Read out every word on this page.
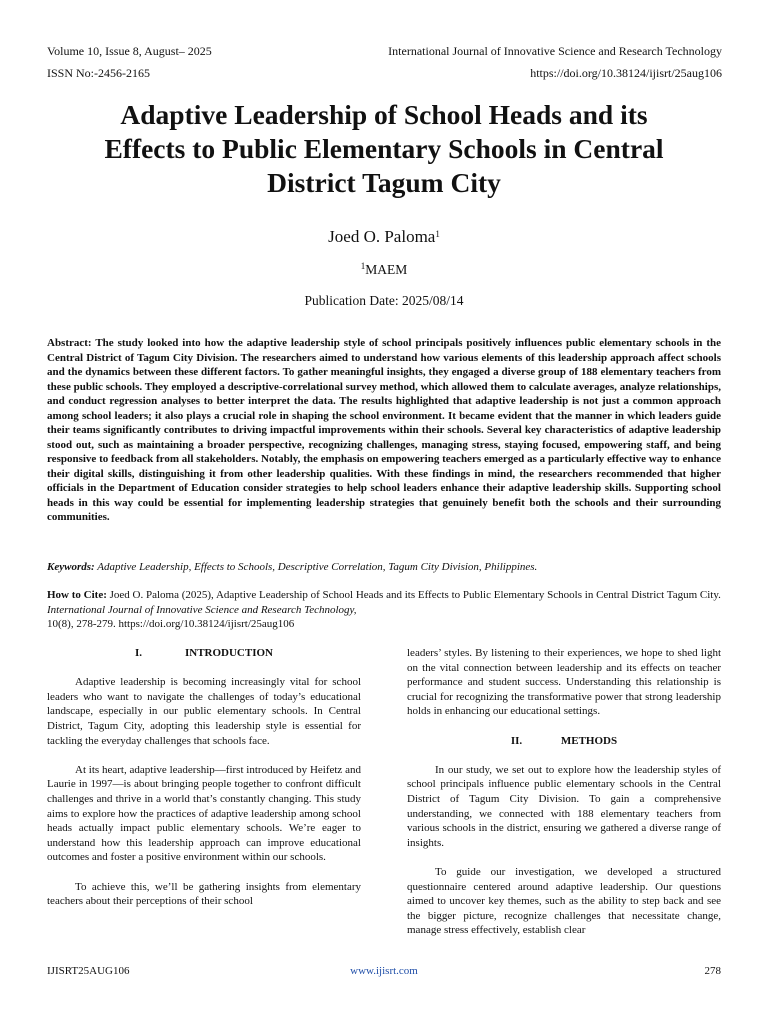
Volume 10, Issue 8, August– 2025	International Journal of Innovative Science and Research Technology
ISSN No:-2456-2165	https://doi.org/10.38124/ijisrt/25aug106
Adaptive Leadership of School Heads and its
Effects to Public Elementary Schools in Central
District Tagum City
Joed O. Paloma$^1$
$^1$MAEM
Publication Date: 2025/08/14

Abstract: The study looked into how the adaptive leadership style of school principals positively influences public elementary schools in the Central District of Tagum City Division. The researchers aimed to understand how various elements of this leadership approach affect schools and the dynamics between these different factors. To gather meaningful insights, they engaged a diverse group of 188 elementary teachers from these public schools. They employed a descriptive-correlational survey method, which allowed them to calculate averages, analyze relationships, and conduct regression analyses to better interpret the data. The results highlighted that adaptive leadership is not just a common approach among school leaders; it also plays a crucial role in shaping the school environment. It became evident that the manner in which leaders guide their teams significantly contributes to driving impactful improvements within their schools. Several key characteristics of adaptive leadership stood out, such as maintaining a broader perspective, recognizing challenges, managing stress, staying focused, empowering staff, and being responsive to feedback from all stakeholders. Notably, the emphasis on empowering teachers emerged as a particularly effective way to enhance their digital skills, distinguishing it from other leadership qualities. With these findings in mind, the researchers recommended that higher officials in the Department of Education consider strategies to help school leaders enhance their adaptive leadership skills. Supporting school heads in this way could be essential for implementing leadership strategies that genuinely benefit both the schools and their surrounding communities.

Keywords: Adaptive Leadership, Effects to Schools, Descriptive Correlation, Tagum City Division, Philippines.

How to Cite: Joed O. Paloma (2025), Adaptive Leadership of School Heads and its Effects to Public Elementary Schools in Central District Tagum City. International Journal of Innovative Science and Research Technology,
10(8), 278-279. https://doi.org/10.38124/ijisrt/25aug106

I.	INTRODUCTION

Adaptive leadership is becoming increasingly vital for school leaders who want to navigate the challenges of today’s educational landscape, especially in our public elementary schools. In Central District, Tagum City, adopting this leadership style is essential for tackling the everyday challenges that schools face.

At its heart, adaptive leadership—first introduced by Heifetz and Laurie in 1997—is about bringing people together to confront difficult challenges and thrive in a world that’s constantly changing. This study aims to explore how the practices of adaptive leadership among school heads actually impact public elementary schools. We’re eager to understand how this leadership approach can improve educational outcomes and foster a positive environment within our schools.

To achieve this, we’ll be gathering insights from elementary teachers about their perceptions of their school

leaders’ styles. By listening to their experiences, we hope to shed light on the vital connection between leadership and its effects on teacher performance and student success. Understanding this relationship is crucial for recognizing the transformative power that strong leadership holds in enhancing our educational settings.

II.	METHODS

In our study, we set out to explore how the leadership styles of school principals influence public elementary schools in the Central District of Tagum City Division. To gain a comprehensive understanding, we connected with 188 elementary teachers from various schools in the district, ensuring we gathered a diverse range of insights.

To guide our investigation, we developed a structured questionnaire centered around adaptive leadership. Our questions aimed to uncover key themes, such as the ability to step back and see the bigger picture, recognize challenges that necessitate change, manage stress effectively, establish clear

IJISRT25AUG106	www.ijisrt.com	278
